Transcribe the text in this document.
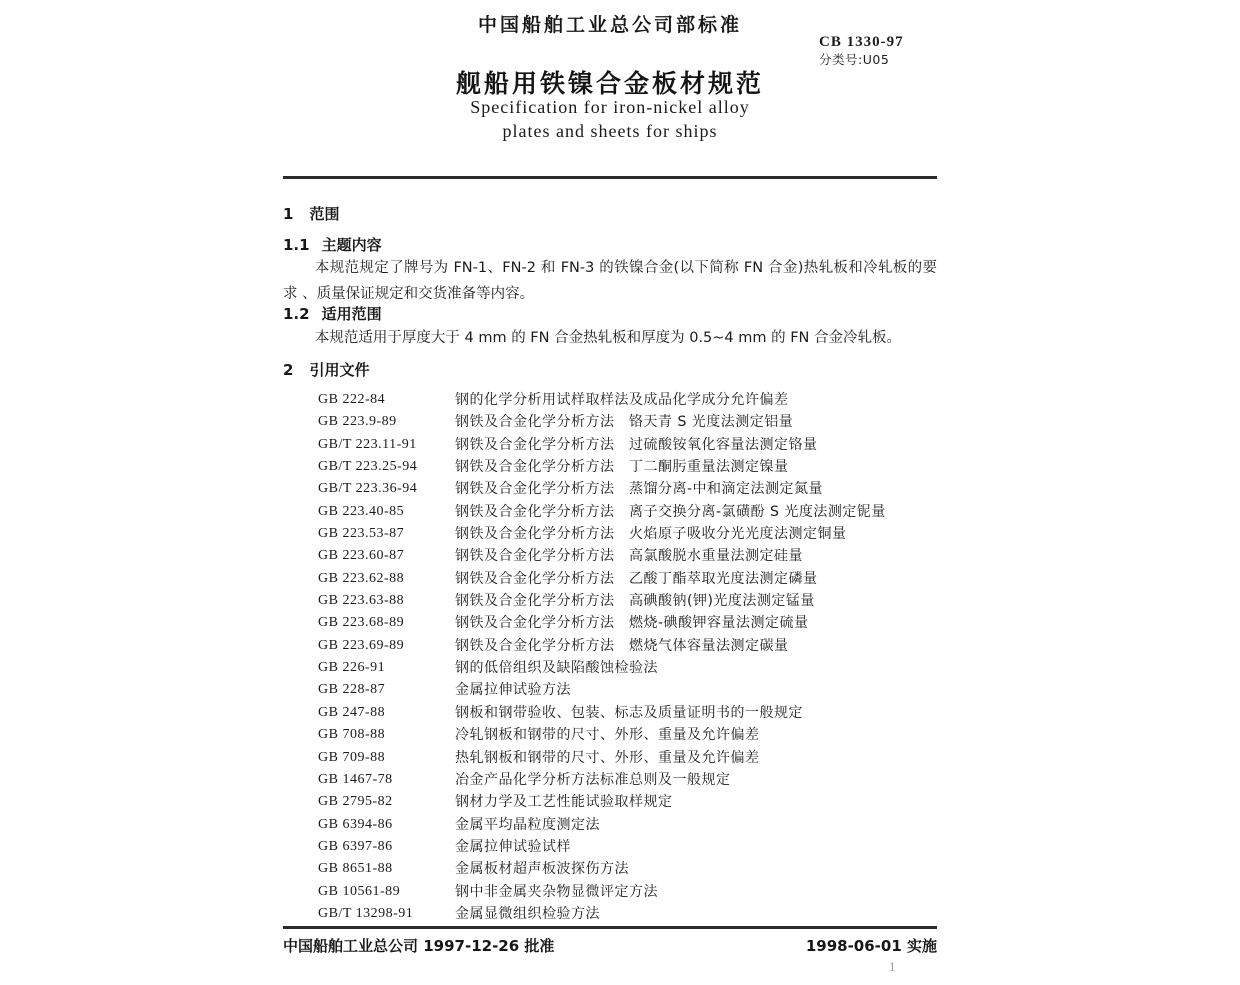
中国船舶工业总公司部标准
CB 1330-97
分类号:U05
舰船用铁镍合金板材规范
Specification for iron-nickel alloy
plates and sheets for ships
1 范围
1.1 主题内容
本规范规定了牌号为 FN-1、FN-2 和 FN-3 的铁镍合金(以下简称 FN 合金)热轧板和冷轧板的要求 、质量保证规定和交货准备等内容。
1.2 适用范围
本规范适用于厚度大于 4 mm 的 FN 合金热轧板和厚度为 0.5~4 mm 的 FN 合金冷轧板。
2 引用文件
GB 222-84	钢的化学分析用试样取样法及成品化学成分允许偏差
GB 223.9-89	钢铁及合金化学分析方法　铬天青 S 光度法测定铝量
GB/T 223.11-91	钢铁及合金化学分析方法　过硫酸铵氧化容量法测定铬量
GB/T 223.25-94	钢铁及合金化学分析方法　丁二酮肟重量法测定镍量
GB/T 223.36-94	钢铁及合金化学分析方法　蒸馏分离-中和滴定法测定氮量
GB 223.40-85	钢铁及合金化学分析方法　离子交换分离-氯磺酚 S 光度法测定铌量
GB 223.53-87	钢铁及合金化学分析方法　火焰原子吸收分光光度法测定铜量
GB 223.60-87	钢铁及合金化学分析方法　高氯酸脱水重量法测定硅量
GB 223.62-88	钢铁及合金化学分析方法　乙酸丁酯萃取光度法测定磷量
GB 223.63-88	钢铁及合金化学分析方法　高碘酸钠(钾)光度法测定锰量
GB 223.68-89	钢铁及合金化学分析方法　燃烧-碘酸钾容量法测定硫量
GB 223.69-89	钢铁及合金化学分析方法　燃烧气体容量法测定碳量
GB 226-91	钢的低倍组织及缺陷酸蚀检验法
GB 228-87	金属拉伸试验方法
GB 247-88	钢板和钢带验收、包装、标志及质量证明书的一般规定
GB 708-88	冷轧钢板和钢带的尺寸、外形、重量及允许偏差
GB 709-88	热轧钢板和钢带的尺寸、外形、重量及允许偏差
GB 1467-78	冶金产品化学分析方法标准总则及一般规定
GB 2795-82	钢材力学及工艺性能试验取样规定
GB 6394-86	金属平均晶粒度测定法
GB 6397-86	金属拉伸试验试样
GB 8651-88	金属板材超声板波探伤方法
GB 10561-89	钢中非金属夹杂物显微评定方法
GB/T 13298-91	金属显微组织检验方法
中国船舶工业总公司 1997-12-26 批准	1998-06-01 实施
1
